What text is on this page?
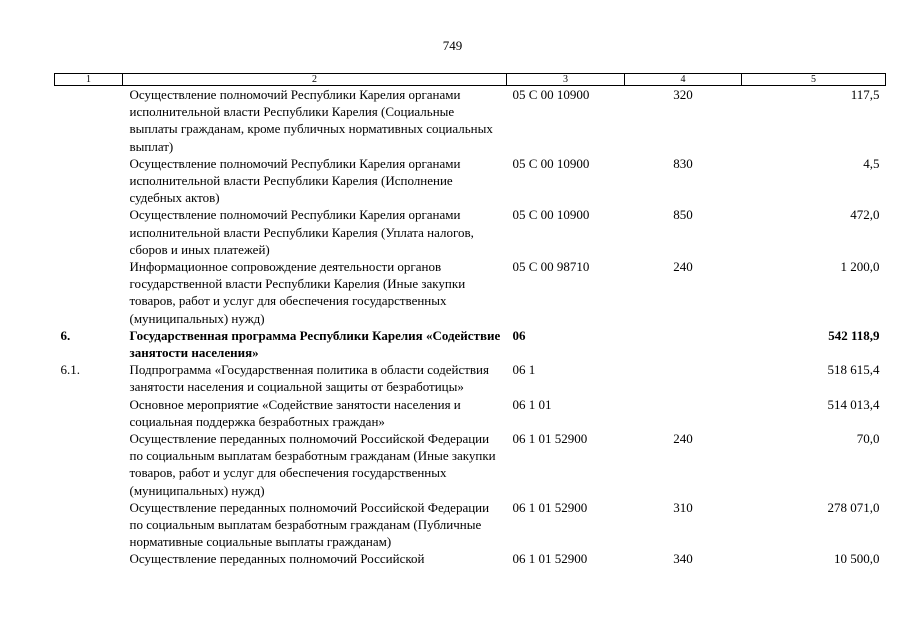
749
1	2	3	4	5
	Осуществление полномочий Республики Карелия органами исполнительной власти Республики Карелия (Социальные выплаты гражданам, кроме публичных нормативных социальных выплат)	05 С 00 10900	320	117,5
	Осуществление полномочий Республики Карелия органами исполнительной власти Республики Карелия (Исполнение судебных актов)	05 С 00 10900	830	4,5
	Осуществление полномочий Республики Карелия органами исполнительной власти Республики Карелия (Уплата налогов, сборов и иных платежей)	05 С 00 10900	850	472,0
	Информационное сопровождение деятельности органов государственной власти Республики Карелия (Иные закупки товаров, работ и услуг для обеспечения государственных (муниципальных) нужд)	05 С 00 98710	240	1 200,0
6.	Государственная программа Республики Карелия «Содействие занятости населения»	06		542 118,9
6.1.	Подпрограмма «Государственная политика в области содействия занятости населения и социальной защиты от безработицы»	06 1		518 615,4
	Основное мероприятие «Содействие занятости населения и социальная поддержка безработных граждан»	06 1 01		514 013,4
	Осуществление переданных полномочий Российской Федерации по социальным выплатам безработным гражданам (Иные закупки товаров, работ и услуг для обеспечения государственных (муниципальных) нужд)	06 1 01 52900	240	70,0
	Осуществление переданных полномочий Российской Федерации по социальным выплатам безработным гражданам (Публичные нормативные социальные выплаты гражданам)	06 1 01 52900	310	278 071,0
	Осуществление переданных полномочий Российской	06 1 01 52900	340	10 500,0
